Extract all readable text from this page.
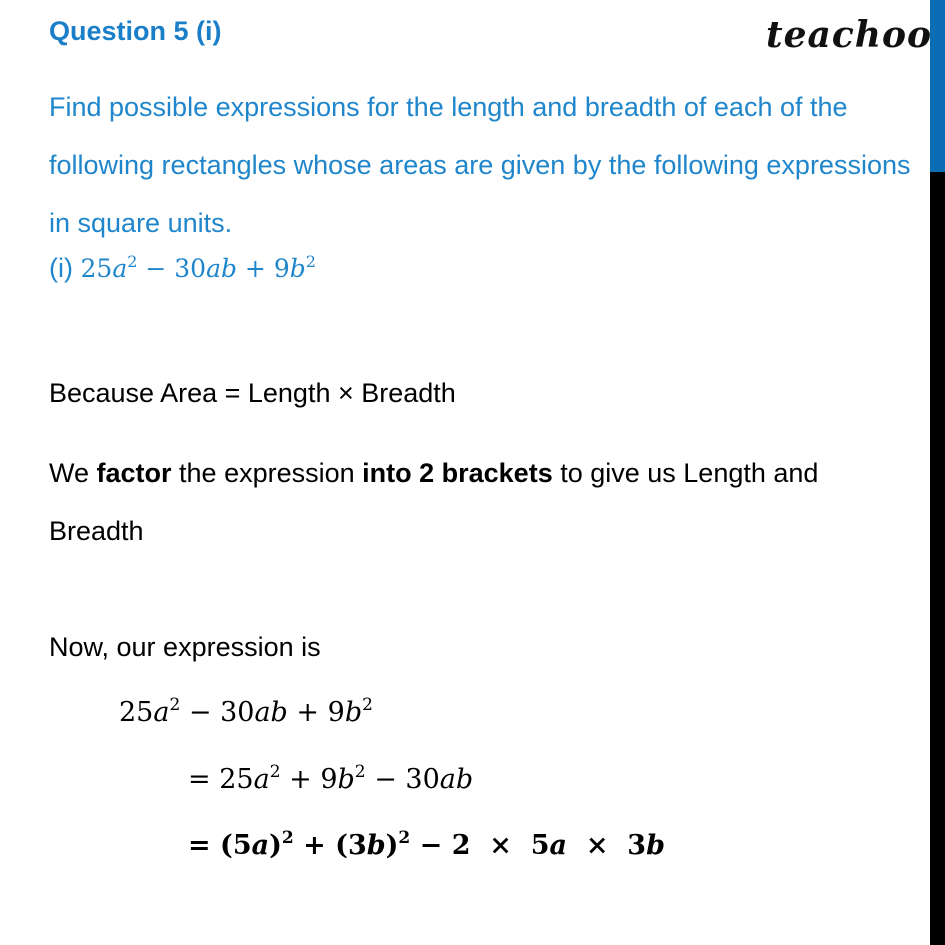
Question 5 (i)	teachoo
Find possible expressions for the length and breadth of each of the following rectangles whose areas are given by the following expressions in square units.
(i) $25a^2 - 30ab + 9b^2$
Because Area = Length × Breadth
We factor the expression into 2 brackets to give us Length and Breadth
Now, our expression is
$25a^2 - 30ab + 9b^2$
= $25a^2 + 9b^2 - 30ab$
= $(5a)^2 + (3b)^2 - 2 \times 5a \times 3b$
